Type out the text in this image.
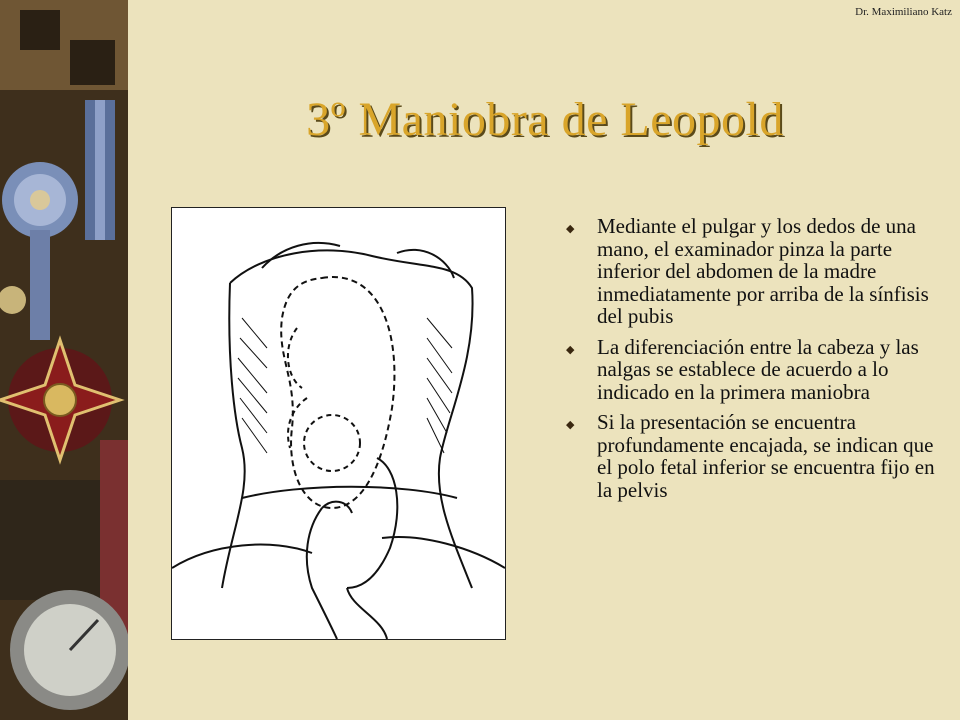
Dr. Maximiliano Katz
3º Maniobra de Leopold
◆ Mediante el pulgar y los dedos de una mano, el examinador pinza la parte inferior del abdomen de la madre inmediatamente por arriba de la sínfisis del pubis
◆ La diferenciación entre la cabeza y las nalgas se establece de acuerdo a lo indicado en la primera maniobra
◆ Si la presentación se encuentra profundamente encajada, se indican que el polo fetal inferior se encuentra fijo en la pelvis
